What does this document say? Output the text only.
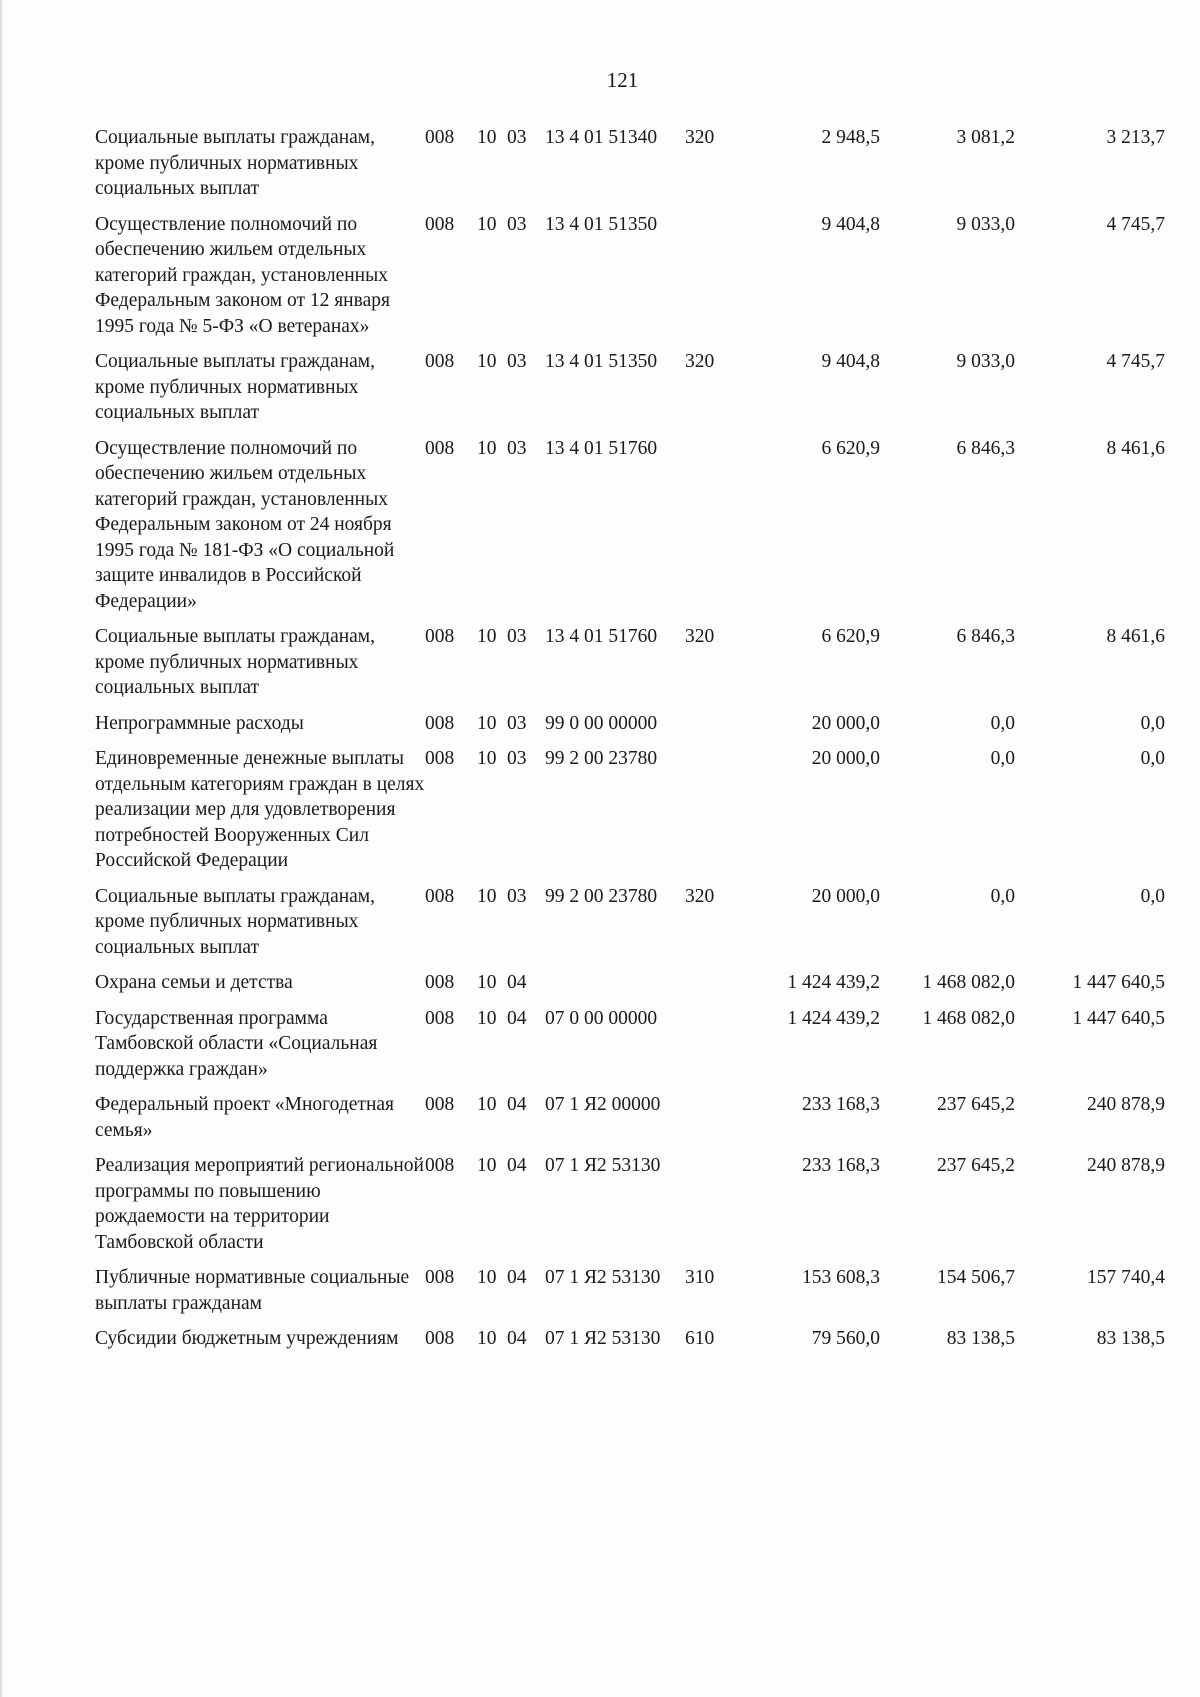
121
Социальные выплаты гражданам, кроме публичных нормативных социальных выплат	008	10	03	13 4 01 51340	320	2 948,5	3 081,2	3 213,7
Осуществление полномочий по обеспечению жильем отдельных категорий граждан, установленных Федеральным законом от 12 января 1995 года № 5-ФЗ «О ветеранах»	008	10	03	13 4 01 51350		9 404,8	9 033,0	4 745,7
Социальные выплаты гражданам, кроме публичных нормативных социальных выплат	008	10	03	13 4 01 51350	320	9 404,8	9 033,0	4 745,7
Осуществление полномочий по обеспечению жильем отдельных категорий граждан, установленных Федеральным законом от 24 ноября 1995 года № 181-ФЗ «О социальной защите инвалидов в Российской Федерации»	008	10	03	13 4 01 51760		6 620,9	6 846,3	8 461,6
Социальные выплаты гражданам, кроме публичных нормативных социальных выплат	008	10	03	13 4 01 51760	320	6 620,9	6 846,3	8 461,6
Непрограммные расходы	008	10	03	99 0 00 00000		20 000,0	0,0	0,0
Единовременные денежные выплаты отдельным категориям граждан в целях реализации мер для удовлетворения потребностей Вооруженных Сил Российской Федерации	008	10	03	99 2 00 23780		20 000,0	0,0	0,0
Социальные выплаты гражданам, кроме публичных нормативных социальных выплат	008	10	03	99 2 00 23780	320	20 000,0	0,0	0,0
Охрана семьи и детства	008	10	04			1 424 439,2	1 468 082,0	1 447 640,5
Государственная программа Тамбовской области «Социальная поддержка граждан»	008	10	04	07 0 00 00000		1 424 439,2	1 468 082,0	1 447 640,5
Федеральный проект «Многодетная семья»	008	10	04	07 1 Я2 00000		233 168,3	237 645,2	240 878,9
Реализация мероприятий региональной программы по повышению рождаемости на территории Тамбовской области	008	10	04	07 1 Я2 53130		233 168,3	237 645,2	240 878,9
Публичные нормативные социальные выплаты гражданам	008	10	04	07 1 Я2 53130	310	153 608,3	154 506,7	157 740,4
Субсидии бюджетным учреждениям	008	10	04	07 1 Я2 53130	610	79 560,0	83 138,5	83 138,5
